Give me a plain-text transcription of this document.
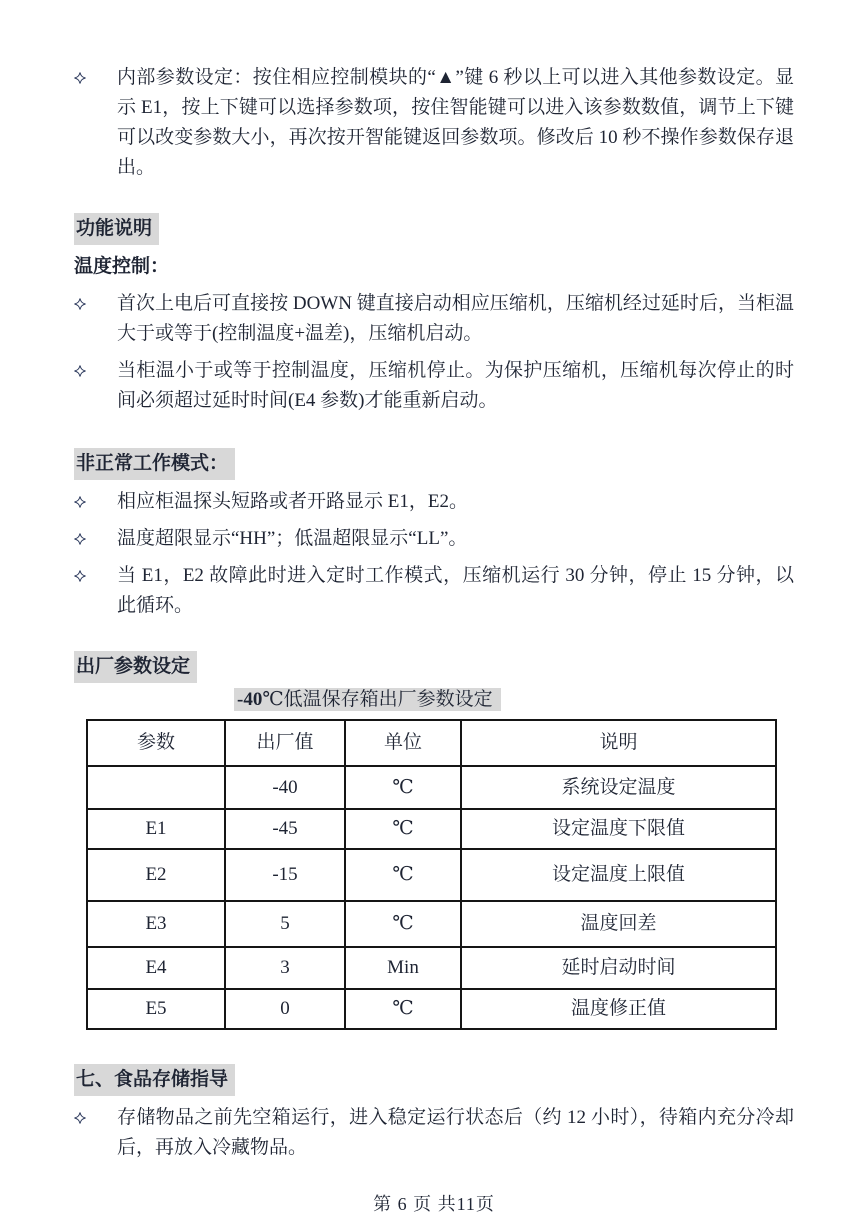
内部参数设定：按住相应控制模块的“▲”键 6 秒以上可以进入其他参数设定。显示 E1，按上下键可以选择参数项，按住智能键可以进入该参数数值，调节上下键可以改变参数大小，再次按开智能键返回参数项。修改后 10 秒不操作参数保存退出。

功能说明

温度控制：

首次上电后可直接按 DOWN 键直接启动相应压缩机，压缩机经过延时后，当柜温大于或等于(控制温度+温差)，压缩机启动。

当柜温小于或等于控制温度，压缩机停止。为保护压缩机，压缩机每次停止的时间必须超过延时时间(E4 参数)才能重新启动。

非正常工作模式：

相应柜温探头短路或者开路显示 E1，E2。

温度超限显示“HH”；低温超限显示“LL”。

当 E1，E2 故障此时进入定时工作模式，压缩机运行 30 分钟，停止 15 分钟，以此循环。

出厂参数设定
-40℃低温保存箱出厂参数设定
参数	出厂值	单位	说明
	-40	℃	系统设定温度
E1	-45	℃	设定温度下限值
E2	-15	℃	设定温度上限值
E3	5	℃	温度回差
E4	3	Min	延时启动时间
E5	0	℃	温度修正值
七、食品存储指导

存储物品之前先空箱运行，进入稳定运行状态后（约 12 小时），待箱内充分冷却后，再放入冷藏物品。

第 6 页 共11页
